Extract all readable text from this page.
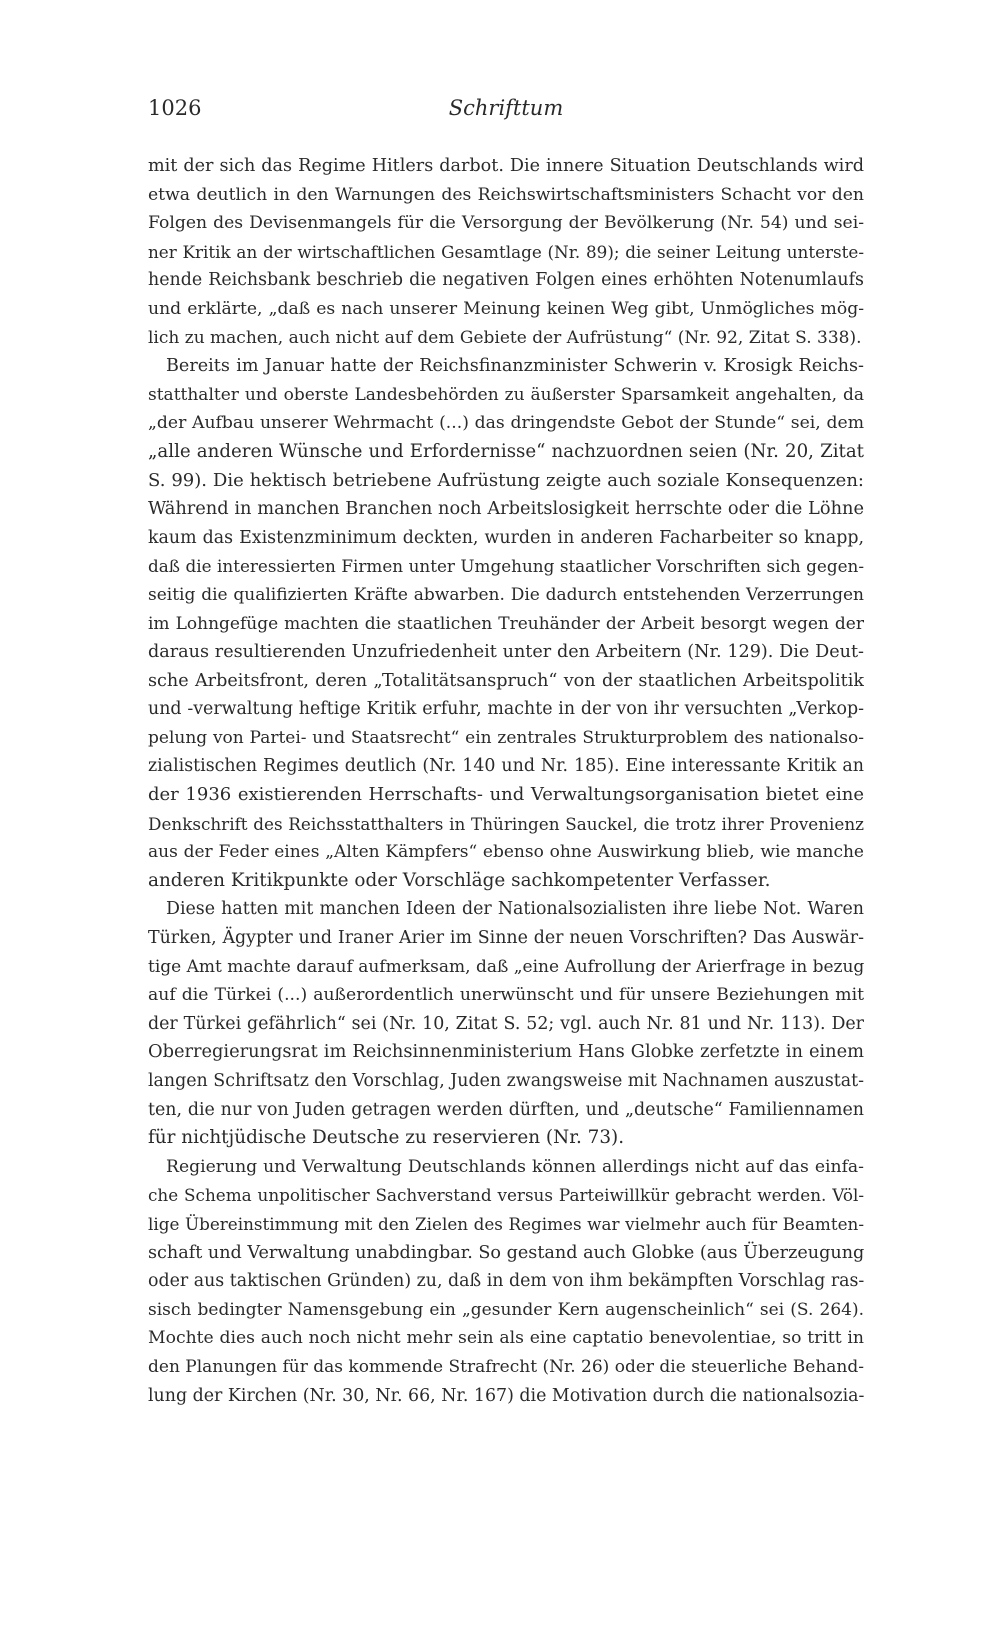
1026	Schrifttum
mit der sich das Regime Hitlers darbot. Die innere Situation Deutschlands wird
etwa deutlich in den Warnungen des Reichswirtschaftsministers Schacht vor den
Folgen des Devisenmangels für die Versorgung der Bevölkerung (Nr. 54) und sei-
ner Kritik an der wirtschaftlichen Gesamtlage (Nr. 89); die seiner Leitung unterste-
hende Reichsbank beschrieb die negativen Folgen eines erhöhten Notenumlaufs
und erklärte, „daß es nach unserer Meinung keinen Weg gibt, Unmögliches mög-
lich zu machen, auch nicht auf dem Gebiete der Aufrüstung“ (Nr. 92, Zitat S. 338).
Bereits im Januar hatte der Reichsfinanzminister Schwerin v. Krosigk Reichs-
statthalter und oberste Landesbehörden zu äußerster Sparsamkeit angehalten, da
„der Aufbau unserer Wehrmacht (...) das dringendste Gebot der Stunde“ sei, dem
„alle anderen Wünsche und Erfordernisse“ nachzuordnen seien (Nr. 20, Zitat
S. 99). Die hektisch betriebene Aufrüstung zeigte auch soziale Konsequenzen:
Während in manchen Branchen noch Arbeitslosigkeit herrschte oder die Löhne
kaum das Existenzminimum deckten, wurden in anderen Facharbeiter so knapp,
daß die interessierten Firmen unter Umgehung staatlicher Vorschriften sich gegen-
seitig die qualifizierten Kräfte abwarben. Die dadurch entstehenden Verzerrungen
im Lohngefüge machten die staatlichen Treuhänder der Arbeit besorgt wegen der
daraus resultierenden Unzufriedenheit unter den Arbeitern (Nr. 129). Die Deut-
sche Arbeitsfront, deren „Totalitätsanspruch“ von der staatlichen Arbeitspolitik
und -verwaltung heftige Kritik erfuhr, machte in der von ihr versuchten „Verkop-
pelung von Partei- und Staatsrecht“ ein zentrales Strukturproblem des nationalso-
zialistischen Regimes deutlich (Nr. 140 und Nr. 185). Eine interessante Kritik an
der 1936 existierenden Herrschafts- und Verwaltungsorganisation bietet eine
Denkschrift des Reichsstatthalters in Thüringen Sauckel, die trotz ihrer Provenienz
aus der Feder eines „Alten Kämpfers“ ebenso ohne Auswirkung blieb, wie manche
anderen Kritikpunkte oder Vorschläge sachkompetenter Verfasser.
Diese hatten mit manchen Ideen der Nationalsozialisten ihre liebe Not. Waren
Türken, Ägypter und Iraner Arier im Sinne der neuen Vorschriften? Das Auswär-
tige Amt machte darauf aufmerksam, daß „eine Aufrollung der Arierfrage in bezug
auf die Türkei (...) außerordentlich unerwünscht und für unsere Beziehungen mit
der Türkei gefährlich“ sei (Nr. 10, Zitat S. 52; vgl. auch Nr. 81 und Nr. 113). Der
Oberregierungsrat im Reichsinnenministerium Hans Globke zerfetzte in einem
langen Schriftsatz den Vorschlag, Juden zwangsweise mit Nachnamen auszustat-
ten, die nur von Juden getragen werden dürften, und „deutsche“ Familiennamen
für nichtjüdische Deutsche zu reservieren (Nr. 73).
Regierung und Verwaltung Deutschlands können allerdings nicht auf das einfa-
che Schema unpolitischer Sachverstand versus Parteiwillkür gebracht werden. Völ-
lige Übereinstimmung mit den Zielen des Regimes war vielmehr auch für Beamten-
schaft und Verwaltung unabdingbar. So gestand auch Globke (aus Überzeugung
oder aus taktischen Gründen) zu, daß in dem von ihm bekämpften Vorschlag ras-
sisch bedingter Namensgebung ein „gesunder Kern augenscheinlich“ sei (S. 264).
Mochte dies auch noch nicht mehr sein als eine captatio benevolentiae, so tritt in
den Planungen für das kommende Strafrecht (Nr. 26) oder die steuerliche Behand-
lung der Kirchen (Nr. 30, Nr. 66, Nr. 167) die Motivation durch die nationalsozia-
